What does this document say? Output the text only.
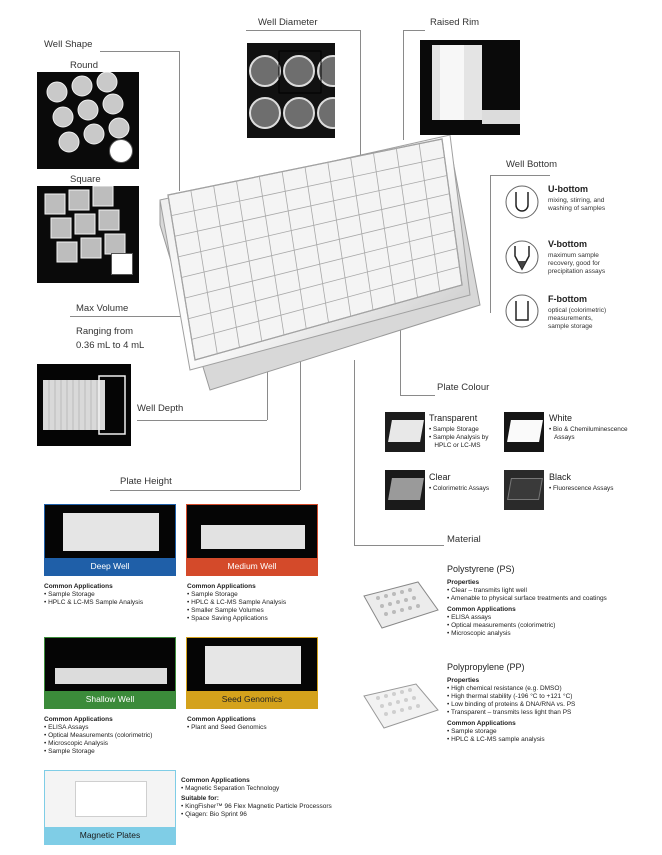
Well Shape
Well Diameter	Raised Rim
Well Bottom
Max Volume
Ranging from
0.36 mL to 4 mL
Well Depth
Plate Colour
Plate Height
Material
Round
Square
U-bottom
mixing, stirring, and
washing of samples
V-bottom
maximum sample
recovery, good for
precipitation assays
F-bottom
optical (colorimetric)
measurements,
sample storage
Transparent
• Sample Storage
• Sample Analysis by
HPLC or LC-MS
White
• Bio & Chemiluminescence
Assays
Clear
• Colorimetric Assays
Black
• Fluorescence Assays
Deep Well
Common Applications
• Sample Storage
• HPLC & LC-MS Sample Analysis
Medium Well
Common Applications
• Sample Storage
• HPLC & LC-MS Sample Analysis
• Smaller Sample Volumes
• Space Saving Applications
Shallow Well
Common Applications
• ELISA Assays
• Optical Measurements (colorimetric)
• Microscopic Analysis
• Sample Storage
Seed Genomics
Common Applications
• Plant and Seed Genomics
Magnetic Plates
Common Applications
• Magnetic Separation Technology
Suitable for:
• KingFisher™ 96 Flex Magnetic Particle Processors
• Qiagen: Bio Sprint 96
Polystyrene (PS)
Properties
• Clear – transmits light well
• Amenable to physical surface treatments and coatings
Common Applications
• ELISA assays
• Optical measurements (colorimetric)
• Microscopic analysis
Polypropylene (PP)
Properties
• High chemical resistance (e.g. DMSO)
• High thermal stability (-196 °C to +121 °C)
• Low binding of proteins & DNA/RNA vs. PS
• Transparent – transmits less light than PS
Common Applications
• Sample storage
• HPLC & LC-MS sample analysis
